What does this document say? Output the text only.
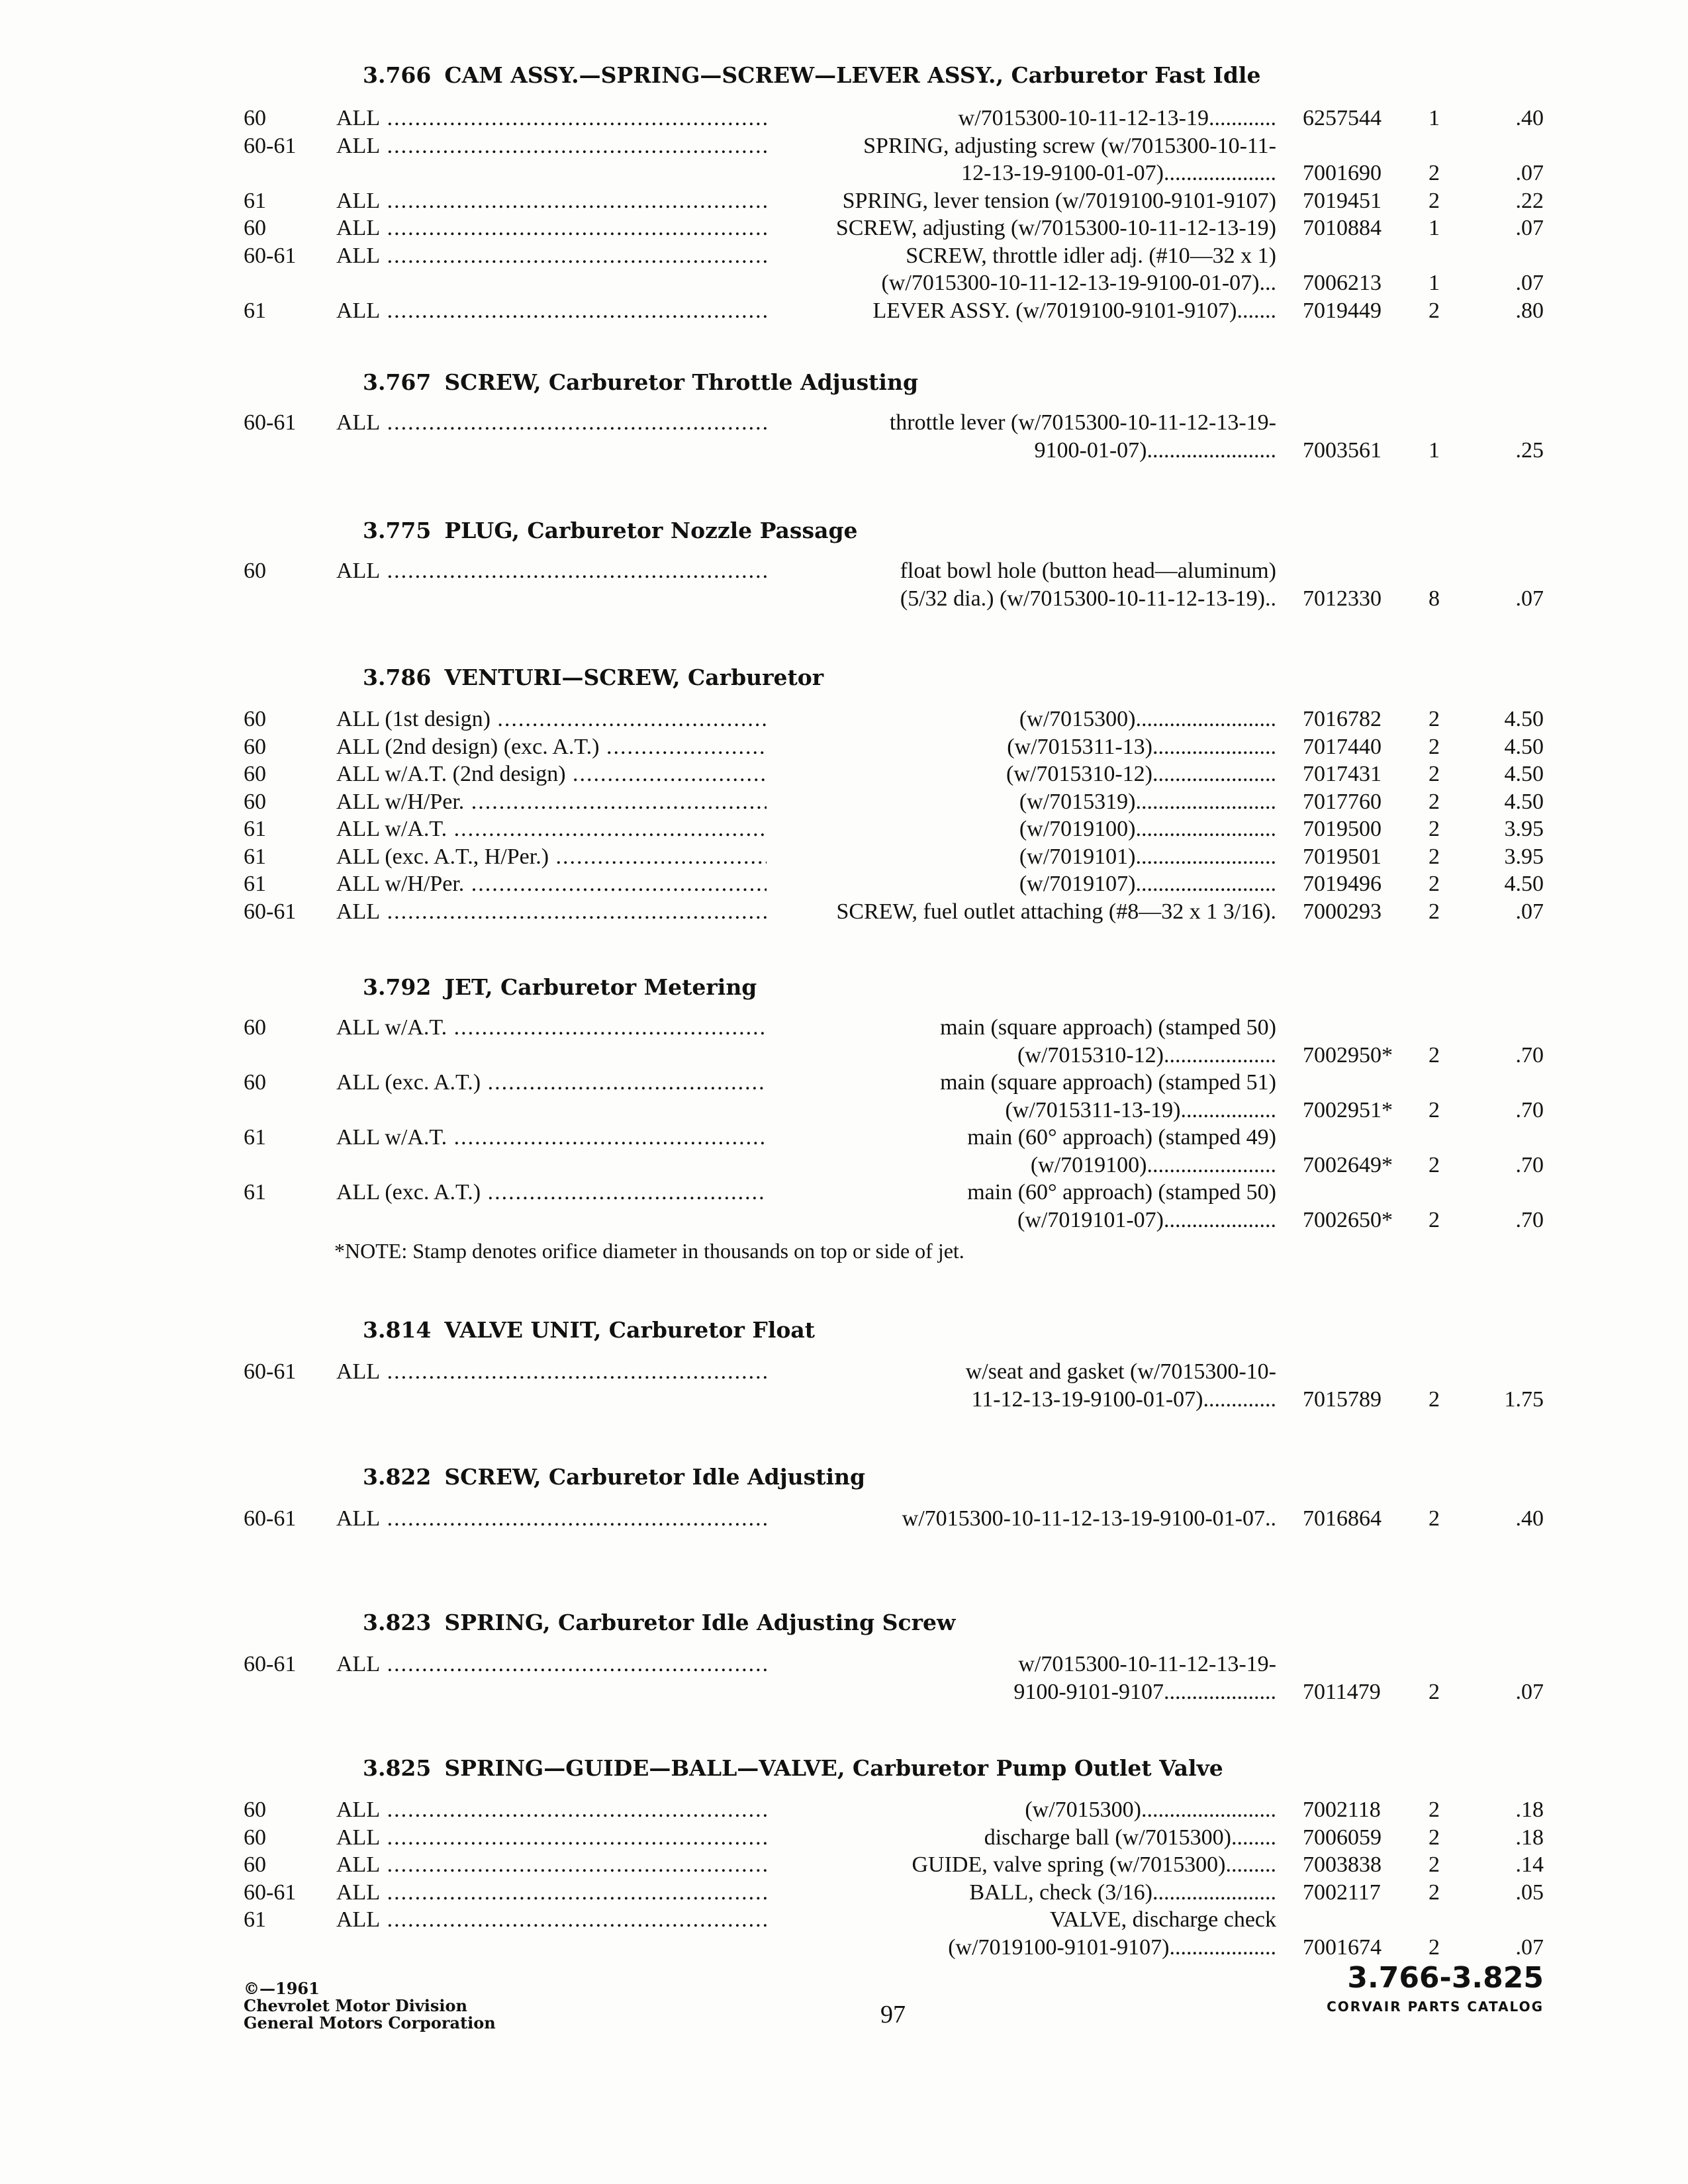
3.766 CAM ASSY.—SPRING—SCREW—LEVER ASSY., Carburetor Fast Idle
60	ALL .....	w/7015300-10-11-12-13-19............ 6257544 1	.40
60-61 ALL .....	SPRING, adjusting screw (w/7015300-10-11-
12-13-19-9100-01-07).................... 7001690 2	.07
61	ALL .....	SPRING, lever tension (w/7019100-9101-9107) 7019451 2	.22
60	ALL .....	SCREW, adjusting (w/7015300-10-11-12-13-19) 7010884 1	.07
60-61 ALL .....	SCREW, throttle idler adj. (#10—32 x 1)
(w/7015300-10-11-12-13-19-9100-01-07)... 7006213 1	.07
61	ALL .....	LEVER ASSY. (w/7019100-9101-9107)....... 7019449 2	.80
3.767 SCREW, Carburetor Throttle Adjusting
60-61 ALL .....	throttle lever (w/7015300-10-11-12-13-19-
9100-01-07)....................... 7003561 1	.25
3.775 PLUG, Carburetor Nozzle Passage
60	ALL .....	float bowl hole (button head—aluminum)
(5/32 dia.) (w/7015300-10-11-12-13-19).. 7012330 8	.07
3.786 VENTURI—SCREW, Carburetor
60	ALL (1st design) .....	(w/7015300)......................... 7016782 2	4.50
60	ALL (2nd design) (exc. A.T.) .....	(w/7015311-13)...................... 7017440 2	4.50
60	ALL w/A.T. (2nd design) .....	(w/7015310-12)...................... 7017431 2	4.50
60	ALL w/H/Per. .....	(w/7015319)......................... 7017760 2	4.50
61	ALL w/A.T. .....	(w/7019100)......................... 7019500 2	3.95
61	ALL (exc. A.T., H/Per.) .....	(w/7019101)......................... 7019501 2	3.95
61	ALL w/H/Per. .....	(w/7019107)......................... 7019496 2	4.50
60-61 ALL .....	SCREW, fuel outlet attaching (#8—32 x 1 3/16). 7000293 2	.07
3.792 JET, Carburetor Metering
60	ALL w/A.T. .....	main (square approach) (stamped 50)
(w/7015310-12).................... 7002950* 2	.70
60	ALL (exc. A.T.) .....	main (square approach) (stamped 51)
(w/7015311-13-19)................. 7002951* 2	.70
61	ALL w/A.T. .....	main (60° approach) (stamped 49)
(w/7019100)....................... 7002649* 2	.70
61	ALL (exc. A.T.) .....	main (60° approach) (stamped 50)
(w/7019101-07).................... 7002650* 2	.70
*NOTE: Stamp denotes orifice diameter in thousands on top or side of jet.
3.814 VALVE UNIT, Carburetor Float
60-61 ALL .....	w/seat and gasket (w/7015300-10-
11-12-13-19-9100-01-07)............. 7015789 2	1.75
3.822 SCREW, Carburetor Idle Adjusting
60-61 ALL .....	w/7015300-10-11-12-13-19-9100-01-07.. 7016864 2	.40
3.823 SPRING, Carburetor Idle Adjusting Screw
60-61 ALL .....	w/7015300-10-11-12-13-19-
9100-9101-9107.................... 7011479 2	.07
3.825 SPRING—GUIDE—BALL—VALVE, Carburetor Pump Outlet Valve
60	ALL .....	(w/7015300)........................ 7002118 2	.18
60	ALL .....	discharge ball (w/7015300)........ 7006059 2	.18
60	ALL .....	GUIDE, valve spring (w/7015300)......... 7003838 2	.14
60-61 ALL .....	BALL, check (3/16)...................... 7002117 2	.05
61	ALL .....	VALVE, discharge check
(w/7019100-9101-9107)................... 7001674 2	.07
©—1961
Chevrolet Motor Division
General Motors Corporation	97
3.766-3.825
CORVAIR PARTS CATALOG
